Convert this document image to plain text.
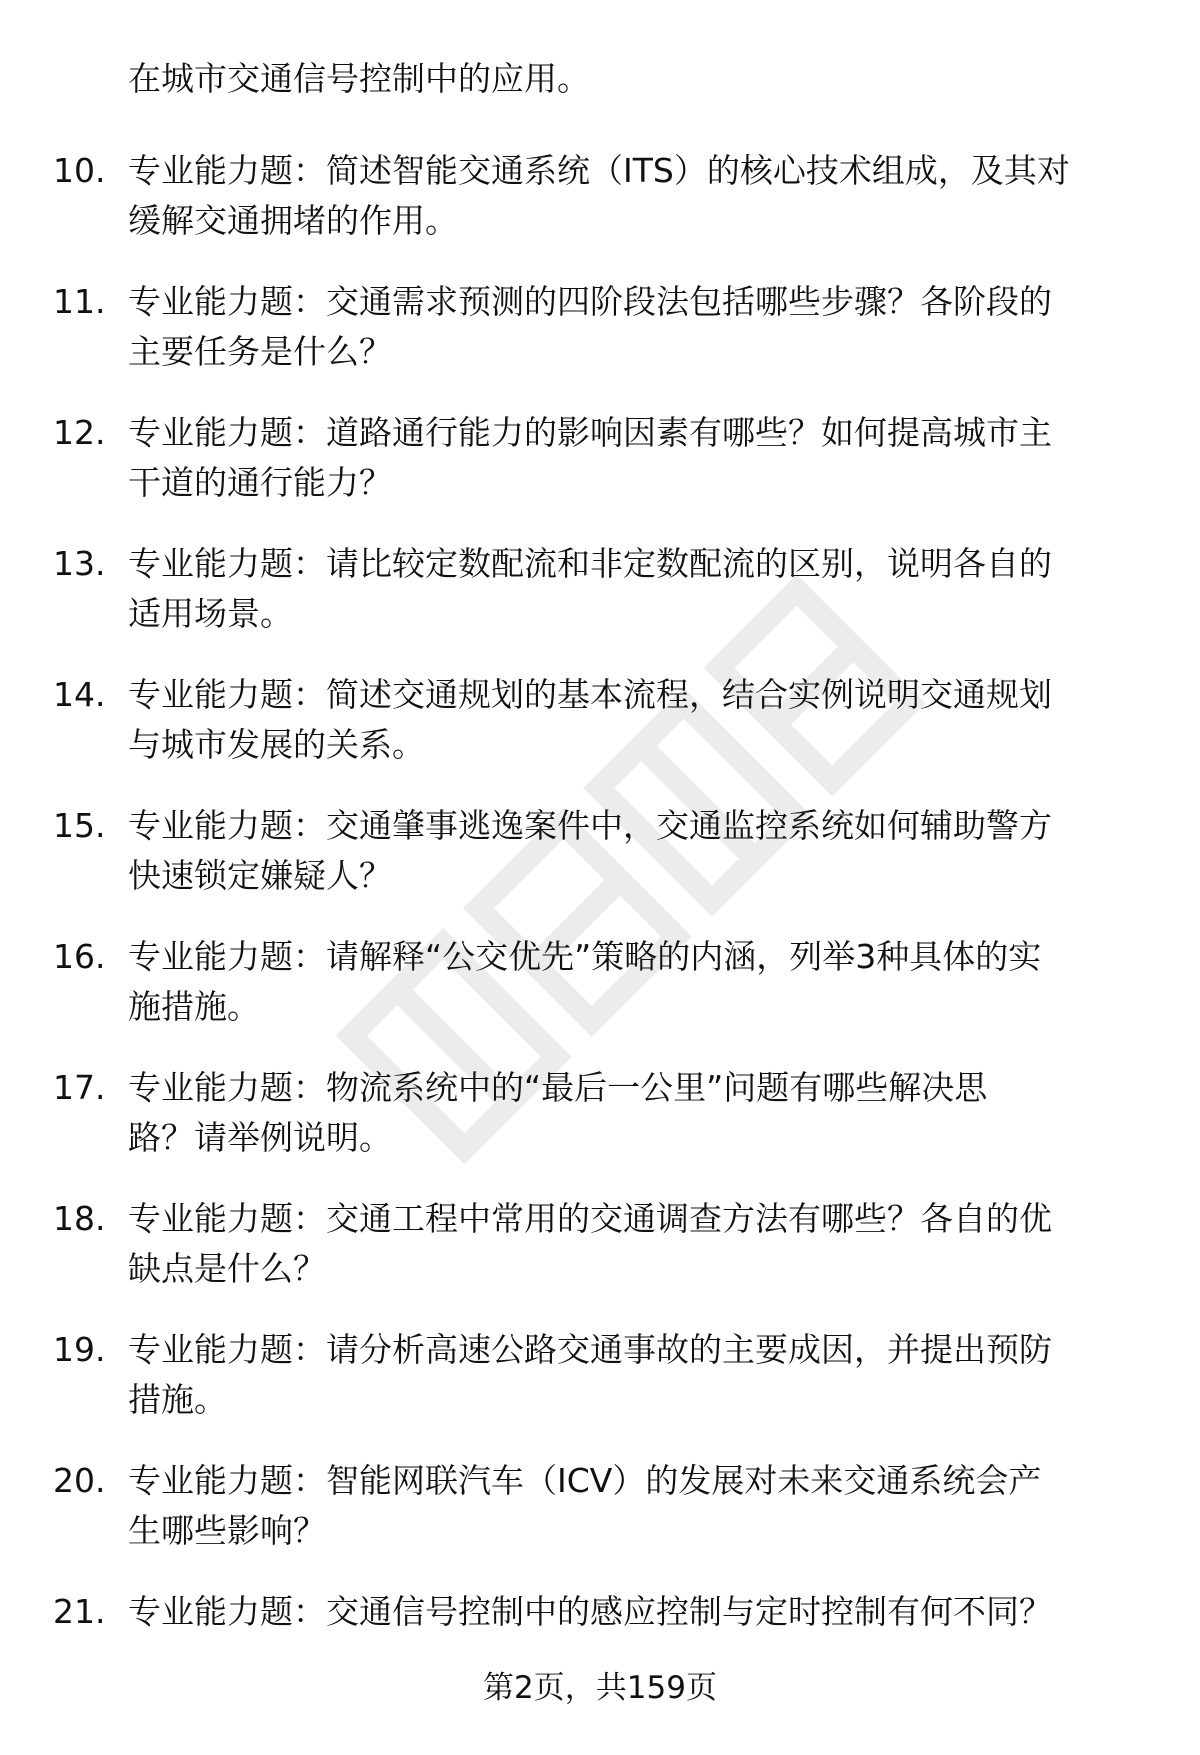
在城市交通信号控制中的应用。
10. 专业能力题：简述智能交通系统（ITS）的核心技术组成，及其对
缓解交通拥堵的作用。
11. 专业能力题：交通需求预测的四阶段法包括哪些步骤？各阶段的
主要任务是什么？
12. 专业能力题：道路通行能力的影响因素有哪些？如何提高城市主
干道的通行能力？
13. 专业能力题：请比较定数配流和非定数配流的区别，说明各自的
适用场景。
14. 专业能力题：简述交通规划的基本流程，结合实例说明交通规划
与城市发展的关系。
15. 专业能力题：交通肇事逃逸案件中，交通监控系统如何辅助警方
快速锁定嫌疑人？
16. 专业能力题：请解释“公交优先”策略的内涵，列举3种具体的实
施措施。
17. 专业能力题：物流系统中的“最后一公里”问题有哪些解决思
路？请举例说明。
18. 专业能力题：交通工程中常用的交通调查方法有哪些？各自的优
缺点是什么？
19. 专业能力题：请分析高速公路交通事故的主要成因，并提出预防
措施。
20. 专业能力题：智能网联汽车（ICV）的发展对未来交通系统会产
生哪些影响？
21. 专业能力题：交通信号控制中的感应控制与定时控制有何不同？
第2页，共159页
